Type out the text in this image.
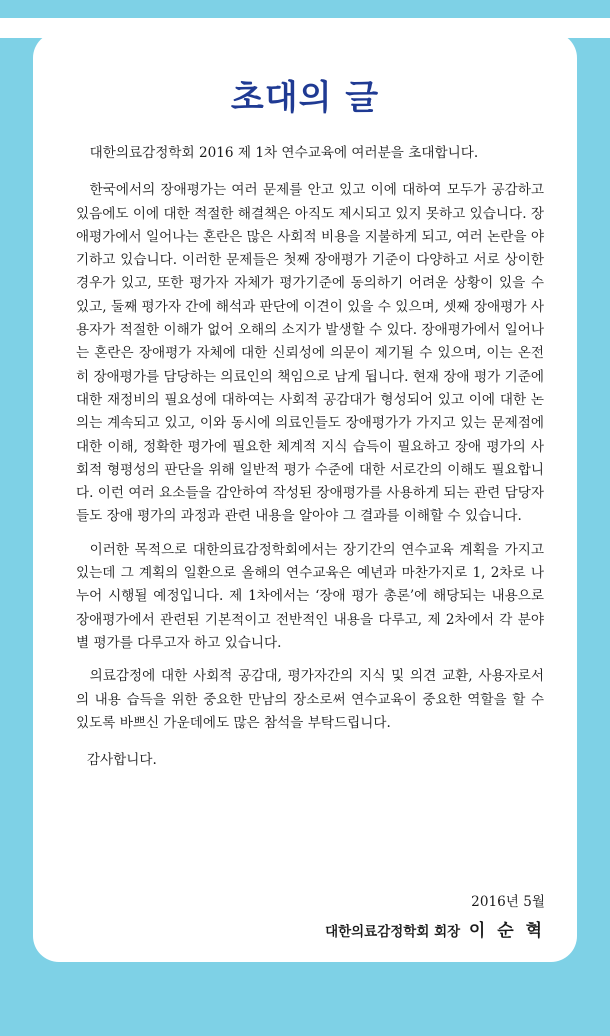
초대의 글

대한의료감정학회 2016 제 1차 연수교육에 여러분을 초대합니다.

한국에서의 장애평가는 여러 문제를 안고 있고 이에 대하여 모두가 공감하고 있음에도 이에 대한 적절한 해결책은 아직도 제시되고 있지 못하고 있습니다. 장애평가에서 일어나는 혼란은 많은 사회적 비용을 지불하게 되고, 여러 논란을 야기하고 있습니다. 이러한 문제들은 첫째 장애평가 기준이 다양하고 서로 상이한 경우가 있고, 또한 평가자 자체가 평가기준에 동의하기 어려운 상황이 있을 수 있고, 둘째 평가자 간에 해석과 판단에 이견이 있을 수 있으며, 셋째 장애평가 사용자가 적절한 이해가 없어 오해의 소지가 발생할 수 있다. 장애평가에서 일어나는 혼란은 장애평가 자체에 대한 신뢰성에 의문이 제기될 수 있으며, 이는 온전히 장애평가를 담당하는 의료인의 책임으로 남게 됩니다. 현재 장애 평가 기준에 대한 재정비의 필요성에 대하여는 사회적 공감대가 형성되어 있고 이에 대한 논의는 계속되고 있고, 이와 동시에 의료인들도 장애평가가 가지고 있는 문제점에 대한 이해, 정확한 평가에 필요한 체계적 지식 습득이 필요하고 장애 평가의 사회적 형평성의 판단을 위해 일반적 평가 수준에 대한 서로간의 이해도 필요합니다. 이런 여러 요소들을 감안하여 작성된 장애평가를 사용하게 되는 관련 담당자들도 장애 평가의 과정과 관련 내용을 알아야 그 결과를 이해할 수 있습니다.

이러한 목적으로 대한의료감정학회에서는 장기간의 연수교육 계획을 가지고 있는데 그 계획의 일환으로 올해의 연수교육은 예년과 마찬가지로 1, 2차로 나누어 시행될 예정입니다. 제 1차에서는 ‘장애 평가 총론’에 해당되는 내용으로 장애평가에서 관련된 기본적이고 전반적인 내용을 다루고, 제 2차에서 각 분야별 평가를 다루고자 하고 있습니다.

의료감정에 대한 사회적 공감대, 평가자간의 지식 및 의견 교환, 사용자로서의 내용 습득을 위한 중요한 만남의 장소로써 연수교육이 중요한 역할을 할 수 있도록 바쁘신 가운데에도 많은 참석을 부탁드립니다.

감사합니다.

2016년 5월
대한의료감정학회 회장 이 순 혁
